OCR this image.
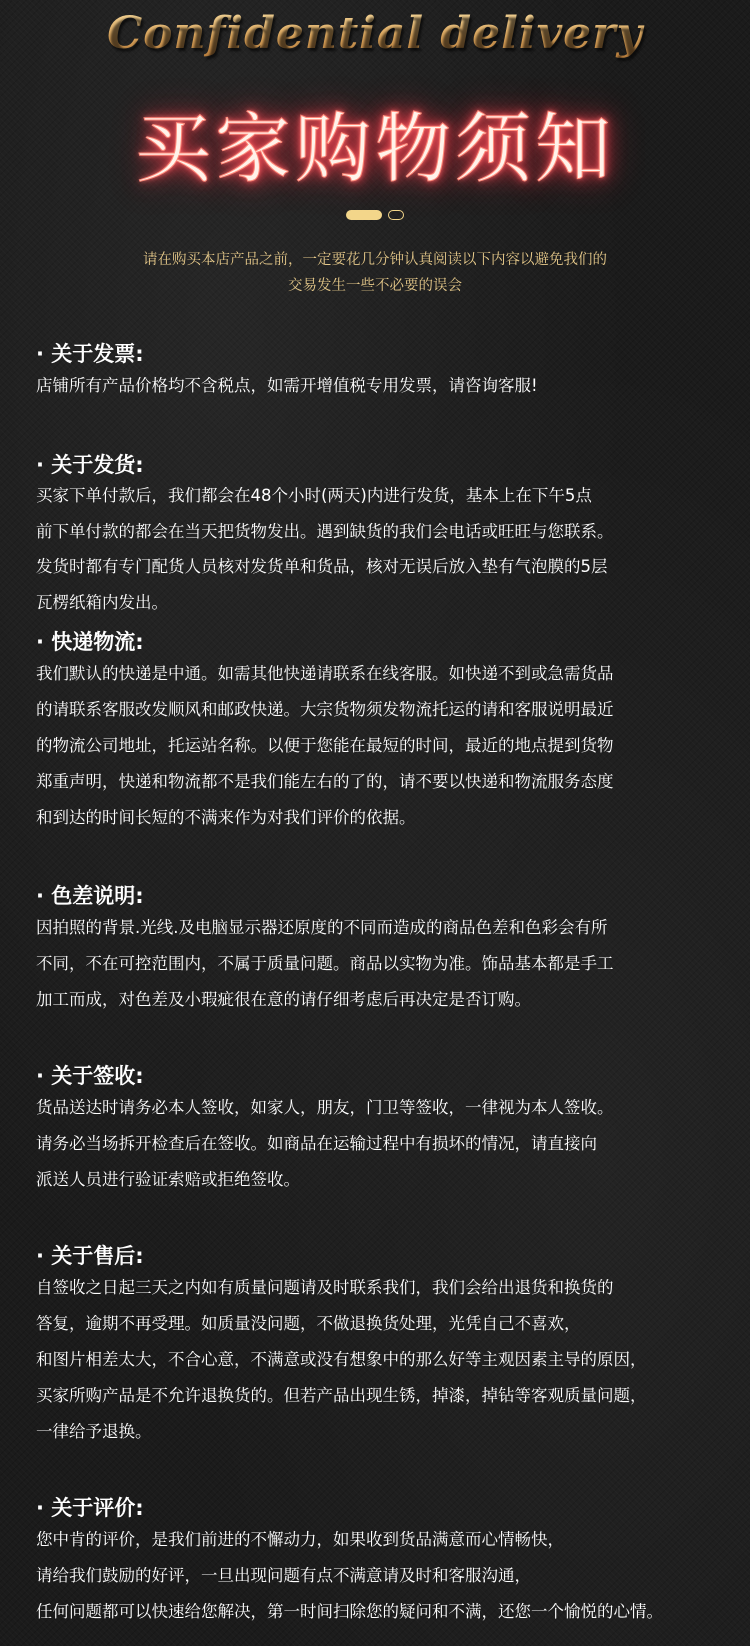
Confidential delivery
买家购物须知
请在购买本店产品之前，一定要花几分钟认真阅读以下内容以避免我们的
交易发生一些不必要的误会
· 关于发票:
店铺所有产品价格均不含税点，如需开增值税专用发票，请咨询客服!
· 关于发货:
买家下单付款后，我们都会在48个小时(两天)内进行发货，基本上在下午5点
前下单付款的都会在当天把货物发出。遇到缺货的我们会电话或旺旺与您联系。
发货时都有专门配货人员核对发货单和货品，核对无误后放入垫有气泡膜的5层
瓦楞纸箱内发出。
· 快递物流:
我们默认的快递是中通。如需其他快递请联系在线客服。如快递不到或急需货品
的请联系客服改发顺风和邮政快递。大宗货物须发物流托运的请和客服说明最近
的物流公司地址，托运站名称。以便于您能在最短的时间，最近的地点提到货物
郑重声明，快递和物流都不是我们能左右的了的，请不要以快递和物流服务态度
和到达的时间长短的不满来作为对我们评价的依据。
· 色差说明:
因拍照的背景.光线.及电脑显示器还原度的不同而造成的商品色差和色彩会有所
不同，不在可控范围内，不属于质量问题。商品以实物为准。饰品基本都是手工
加工而成，对色差及小瑕疵很在意的请仔细考虑后再决定是否订购。
· 关于签收:
货品送达时请务必本人签收，如家人，朋友，门卫等签收，一律视为本人签收。
请务必当场拆开检查后在签收。如商品在运输过程中有损坏的情况，请直接向
派送人员进行验证索赔或拒绝签收。
· 关于售后:
自签收之日起三天之内如有质量问题请及时联系我们，我们会给出退货和换货的
答复，逾期不再受理。如质量没问题，不做退换货处理，光凭自己不喜欢，
和图片相差太大，不合心意，不满意或没有想象中的那么好等主观因素主导的原因，
买家所购产品是不允许退换货的。但若产品出现生锈，掉漆，掉钻等客观质量问题，
一律给予退换。
· 关于评价:
您中肯的评价，是我们前进的不懈动力，如果收到货品满意而心情畅快，
请给我们鼓励的好评，一旦出现问题有点不满意请及时和客服沟通，
任何问题都可以快速给您解决，第一时间扫除您的疑问和不满，还您一个愉悦的心情。
